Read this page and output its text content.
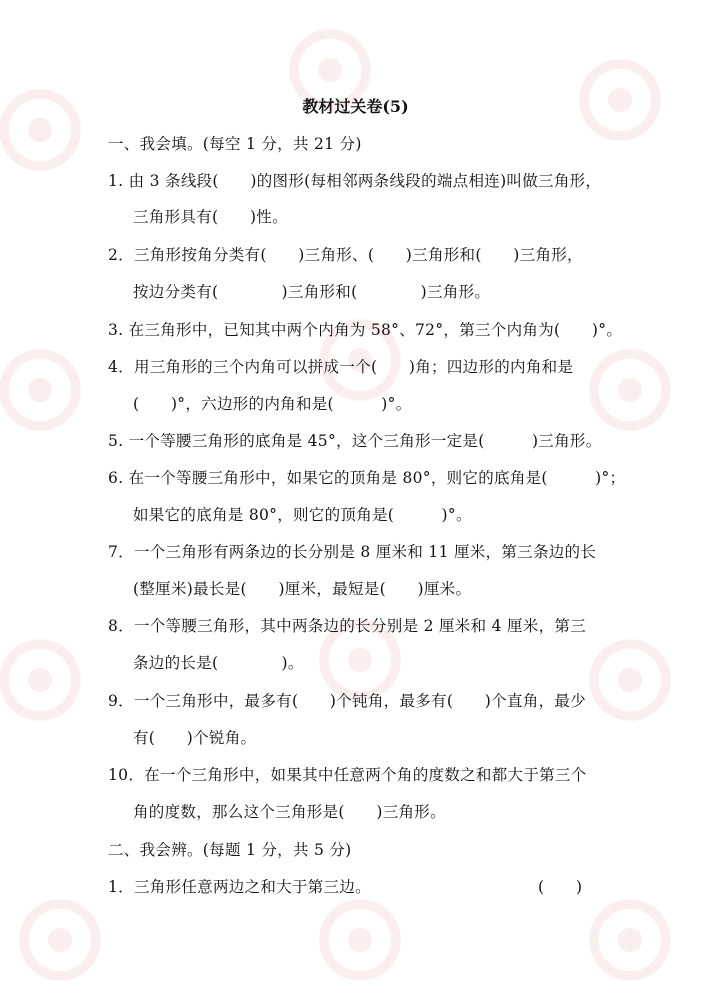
教材过关卷(5)
一、我会填。(每空 1 分，共 21 分)
1. 由 3 条线段(　　)的图形(每相邻两条线段的端点相连)叫做三角形，
三角形具有(　　)性。
2．三角形按角分类有(　　)三角形、(　　)三角形和(　　)三角形，
按边分类有(　　　　)三角形和(　　　　)三角形。
3. 在三角形中，已知其中两个内角为 58°、72°，第三个内角为(　　)°。
4．用三角形的三个内角可以拼成一个(　　)角；四边形的内角和是
(　　)°，六边形的内角和是(　　　)°。
5. 一个等腰三角形的底角是 45°，这个三角形一定是(　　　)三角形。
6. 在一个等腰三角形中，如果它的顶角是 80°，则它的底角是(　　　)°；
如果它的底角是 80°，则它的顶角是(　　　)°。
7．一个三角形有两条边的长分别是 8 厘米和 11 厘米，第三条边的长
(整厘米)最长是(　　)厘米，最短是(　　)厘米。
8．一个等腰三角形，其中两条边的长分别是 2 厘米和 4 厘米，第三
条边的长是(　　　　)。
9．一个三角形中，最多有(　　)个钝角，最多有(　　)个直角，最少
有(　　)个锐角。
10．在一个三角形中，如果其中任意两个角的度数之和都大于第三个
角的度数，那么这个三角形是(　　)三角形。
二、我会辨。(每题 1 分，共 5 分)
1．三角形任意两边之和大于第三边。	(　　)
